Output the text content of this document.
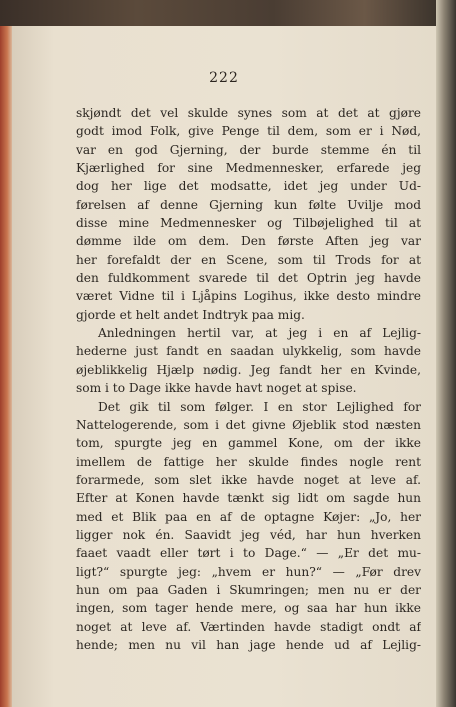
222
skjøndt det vel skulde synes som at det at gjøre
godt imod Folk, give Penge til dem, som er i Nød,
var en god Gjerning, der burde stemme én til
Kjærlighed for sine Medmennesker, erfarede jeg
dog her lige det modsatte, idet jeg under Ud-
førelsen af denne Gjerning kun følte Uvilje mod
disse mine Medmennesker og Tilbøjelighed til at
dømme ilde om dem. Den første Aften jeg var
her forefaldt der en Scene, som til Trods for at
den fuldkomment svarede til det Optrin jeg havde
været Vidne til i Ljåpins Logihus, ikke desto mindre
gjorde et helt andet Indtryk paa mig.
Anledningen hertil var, at jeg i en af Lejlig-
hederne just fandt en saadan ulykkelig, som havde
øjeblikkelig Hjælp nødig. Jeg fandt her en Kvinde,
som i to Dage ikke havde havt noget at spise.
Det gik til som følger. I en stor Lejlighed for
Nattelogerende, som i det givne Øjeblik stod næsten
tom, spurgte jeg en gammel Kone, om der ikke
imellem de fattige her skulde findes nogle rent
forarmede, som slet ikke havde noget at leve af.
Efter at Konen havde tænkt sig lidt om sagde hun
med et Blik paa en af de optagne Køjer: „Jo, her
ligger nok én. Saavidt jeg véd, har hun hverken
faaet vaadt eller tørt i to Dage.“ — „Er det mu-
ligt?“ spurgte jeg: „hvem er hun?“ — „Før drev
hun om paa Gaden i Skumringen; men nu er der
ingen, som tager hende mere, og saa har hun ikke
noget at leve af. Værtinden havde stadigt ondt af
hende; men nu vil han jage hende ud af Lejlig-
